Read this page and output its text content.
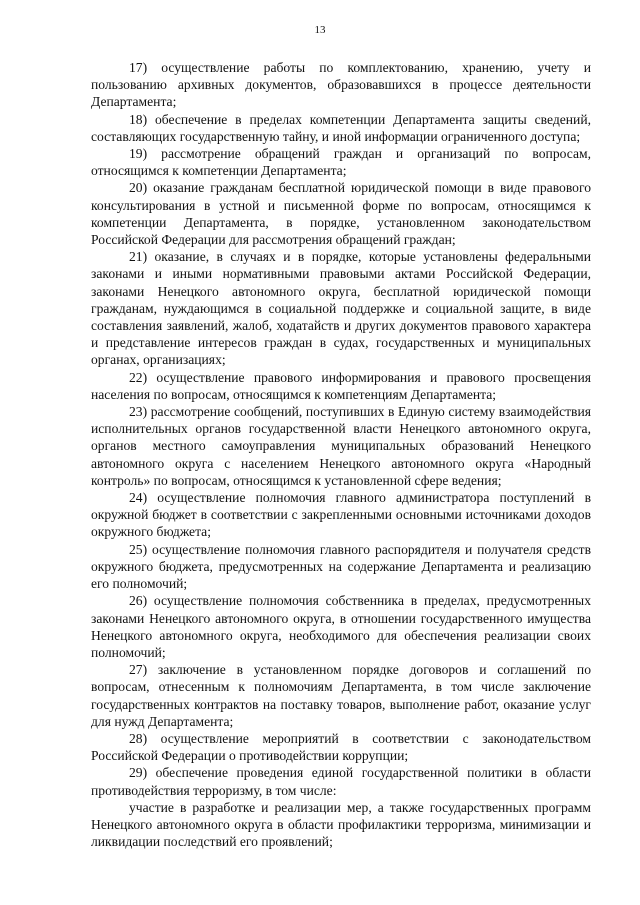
13

17) осуществление работы по комплектованию, хранению, учету и пользованию архивных документов, образовавшихся в процессе деятельности Департамента;

18) обеспечение в пределах компетенции Департамента защиты сведений, составляющих государственную тайну, и иной информации ограниченного доступа;

19) рассмотрение обращений граждан и организаций по вопросам, относящимся к компетенции Департамента;

20) оказание гражданам бесплатной юридической помощи в виде правового консультирования в устной и письменной форме по вопросам, относящимся к компетенции Департамента, в порядке, установленном законодательством Российской Федерации для рассмотрения обращений граждан;

21) оказание, в случаях и в порядке, которые установлены федеральными законами и иными нормативными правовыми актами Российской Федерации, законами Ненецкого автономного округа, бесплатной юридической помощи гражданам, нуждающимся в социальной поддержке и социальной защите, в виде составления заявлений, жалоб, ходатайств и других документов правового характера и представление интересов граждан в судах, государственных и муниципальных органах, организациях;

22) осуществление правового информирования и правового просвещения населения по вопросам, относящимся к компетенциям Департамента;

23) рассмотрение сообщений, поступивших в Единую систему взаимодействия исполнительных органов государственной власти Ненецкого автономного округа, органов местного самоуправления муниципальных образований Ненецкого автономного округа с населением Ненецкого автономного округа «Народный контроль» по вопросам, относящимся к установленной сфере ведения;

24) осуществление полномочия главного администратора поступлений в окружной бюджет в соответствии с закрепленными основными источниками доходов окружного бюджета;

25) осуществление полномочия главного распорядителя и получателя средств окружного бюджета, предусмотренных на содержание Департамента и реализацию его полномочий;

26) осуществление полномочия собственника в пределах, предусмотренных законами Ненецкого автономного округа, в отношении государственного имущества Ненецкого автономного округа, необходимого для обеспечения реализации своих полномочий;

27) заключение в установленном порядке договоров и соглашений по вопросам, отнесенным к полномочиям Департамента, в том числе заключение государственных контрактов на поставку товаров, выполнение работ, оказание услуг для нужд Департамента;

28) осуществление мероприятий в соответствии с законодательством Российской Федерации о противодействии коррупции;

29) обеспечение проведения единой государственной политики в области противодействия терроризму, в том числе:

участие в разработке и реализации мер, а также государственных программ Ненецкого автономного округа в области профилактики терроризма, минимизации и ликвидации последствий его проявлений;
